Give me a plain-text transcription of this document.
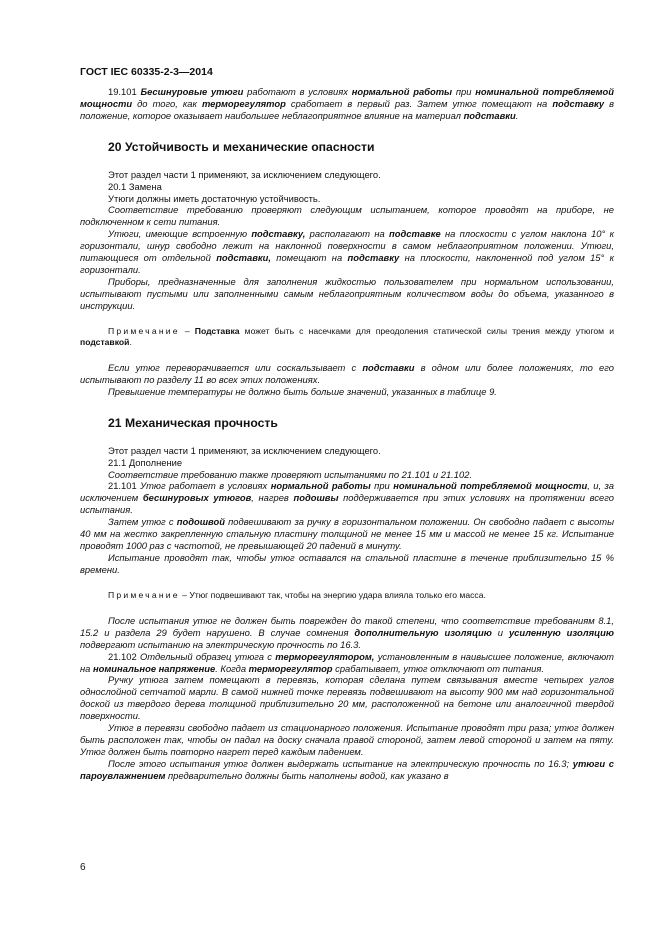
ГОСТ IEC 60335-2-3—2014

19.101 Бесшнуровые утюги работают в условиях нормальной работы при номинальной потребляемой мощности до того, как терморегулятор сработает в первый раз. Затем утюг помещают на подставку в положение, которое оказывает наибольшее неблагоприятное влияние на материал подставки.

20 Устойчивость и механические опасности

Этот раздел части 1 применяют, за исключением следующего.

20.1 Замена

Утюги должны иметь достаточную устойчивость.

Соответствие требованию проверяют следующим испытанием, которое проводят на приборе, не подключенном к сети питания.

Утюги, имеющие встроенную подставку, располагают на подставке на плоскости с углом наклона 10° к горизонтали, шнур свободно лежит на наклонной поверхности в самом неблагоприятном положении. Утюги, питающиеся от отдельной подставки, помещают на подставку на плоскости, наклоненной под углом 15° к горизонтали.

Приборы, предназначенные для заполнения жидкостью пользователем при нормальном использовании, испытывают пустыми или заполненными самым неблагоприятным количеством воды до объема, указанного в инструкции.

Примечание – Подставка может быть с насечками для преодоления статической силы трения между утюгом и подставкой.

Если утюг переворачивается или соскальзывает с подставки в одном или более положениях, то его испытывают по разделу 11 во всех этих положениях.

Превышение температуры не должно быть больше значений, указанных в таблице 9.

21 Механическая прочность

Этот раздел части 1 применяют, за исключением следующего.

21.1 Дополнение

Соответствие требованию также проверяют испытаниями по 21.101 и 21.102.

21.101 Утюг работает в условиях нормальной работы при номинальной потребляемой мощности, и, за исключением бесшнуровых утюгов, нагрев подошвы поддерживается при этих условиях на протяжении всего испытания.

Затем утюг с подошвой подвешивают за ручку в горизонтальном положении. Он свободно падает с высоты 40 мм на жестко закрепленную стальную пластину толщиной не менее 15 мм и массой не менее 15 кг. Испытание проводят 1000 раз с частотой, не превышающей 20 падений в минуту.

Испытание проводят так, чтобы утюг оставался на стальной пластине в течение приблизительно 15 % времени.

Примечание – Утюг подвешивают так, чтобы на энергию удара влияла только его масса.

После испытания утюг не должен быть поврежден до такой степени, что соответствие требованиям 8.1, 15.2 и раздела 29 будет нарушено. В случае сомнения дополнительную изоляцию и усиленную изоляцию подвергают испытанию на электрическую прочность по 16.3.

21.102 Отдельный образец утюга с терморегулятором, установленным в наивысшее положение, включают на номинальное напряжение. Когда терморегулятор срабатывает, утюг отключают от питания.

Ручку утюга затем помещают в перевязь, которая сделана путем связывания вместе четырех углов однослойной сетчатой марли. В самой нижней точке перевязь подвешивают на высоту 900 мм над горизонтальной доской из твердого дерева толщиной приблизительно 20 мм, расположенной на бетоне или аналогичной твердой поверхности.

Утюг в перевязи свободно падает из стационарного положения. Испытание проводят три раза; утюг должен быть расположен так, чтобы он падал на доску сначала правой стороной, затем левой стороной и затем на пяту. Утюг должен быть повторно нагрет перед каждым падением.

После этого испытания утюг должен выдержать испытание на электрическую прочность по 16.3; утюги с пароувлажнением предварительно должны быть наполнены водой, как указано в

6
